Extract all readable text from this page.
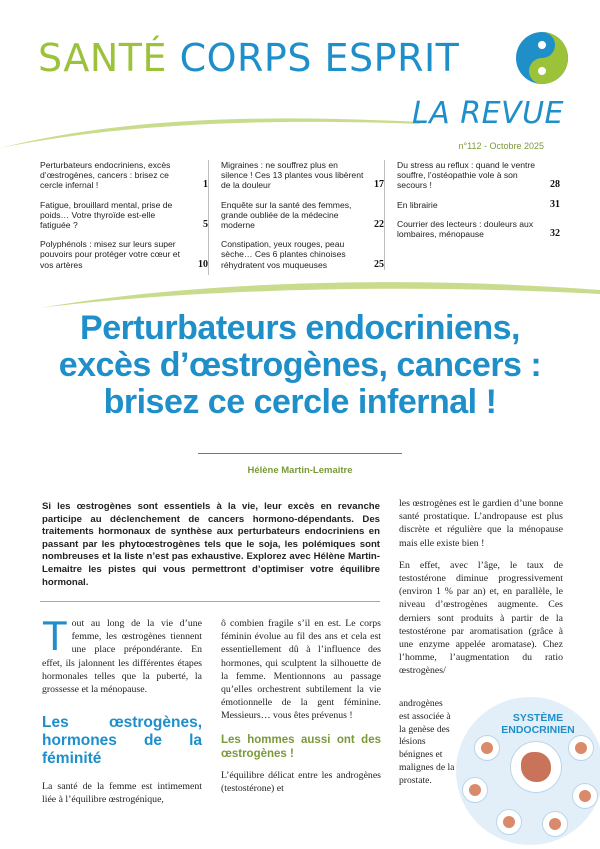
SANTÉ CORPS ESPRIT
LA REVUE
n°112 - Octobre 2025
Perturbateurs endocriniens, excès d’œstrogènes, cancers : brisez ce cercle infernal !	1
Fatigue, brouillard mental, prise de poids… Votre thyroïde est-elle fatiguée ?	5
Polyphénols : misez sur leurs super pouvoirs pour protéger votre cœur et vos artères	10
Migraines : ne souffrez plus en silence ! Ces 13 plantes vous libèrent de la douleur	17
Enquête sur la santé des femmes, grande oubliée de la médecine moderne	22
Constipation, yeux rouges, peau sèche… Ces 6 plantes chinoises réhydratent vos muqueuses	25
Du stress au reflux : quand le ventre souffre, l’ostéopathie vole à son secours !	28
En librairie	31
Courrier des lecteurs : douleurs aux lombaires, ménopause	32
Perturbateurs endocriniens,
excès d’œstrogènes, cancers :
brisez ce cercle infernal !
Hélène Martin-Lemaitre
Si les œstrogènes sont essentiels à la vie, leur excès en revanche participe au déclenchement de cancers hormono-dépendants. Des traitements hormonaux de synthèse aux perturbateurs endocriniens en passant par les phytoœstrogènes tels que le soja, les polémiques sont nombreuses et la liste n’est pas exhaustive. Explorez avec Hélène Martin-Lemaitre les pistes qui vous permettront d’optimiser votre équilibre hormonal.

Tout au long de la vie d’une femme, les œstrogènes tiennent une place prépondérante. En effet, ils jalonnent les différentes étapes hormonales telles que la puberté, la grossesse et la ménopause.

Les œstrogènes, hormones de la féminité

La santé de la femme est intimement liée à l’équilibre œstrogénique,

ô combien fragile s’il en est. Le corps féminin évolue au fil des ans et cela est essentiellement dû à l’influence des hormones, qui sculptent la silhouette de la femme. Mentionnons au passage qu’elles orchestrent subtilement la vie émotionnelle de la gent féminine. Messieurs… vous êtes prévenus !

Les hommes aussi ont des œstrogènes !

L’équilibre délicat entre les androgènes (testostérone) et

les œstrogènes est le gardien d’une bonne santé prostatique. L’andropause est plus discrète et régulière que la ménopause mais elle existe bien !

En effet, avec l’âge, le taux de testostérone diminue progressivement (environ 1 % par an) et, en parallèle, le niveau d’œstrogènes augmente. Ces derniers sont produits à partir de la testostérone par aromatisation (grâce à une enzyme appelée aromatase). Chez l’homme, l’augmentation du ratio œstrogènes/

androgènes est associée à la genèse des lésions bénignes et malignes de la prostate.
SYSTÈME
ENDOCRINIEN
